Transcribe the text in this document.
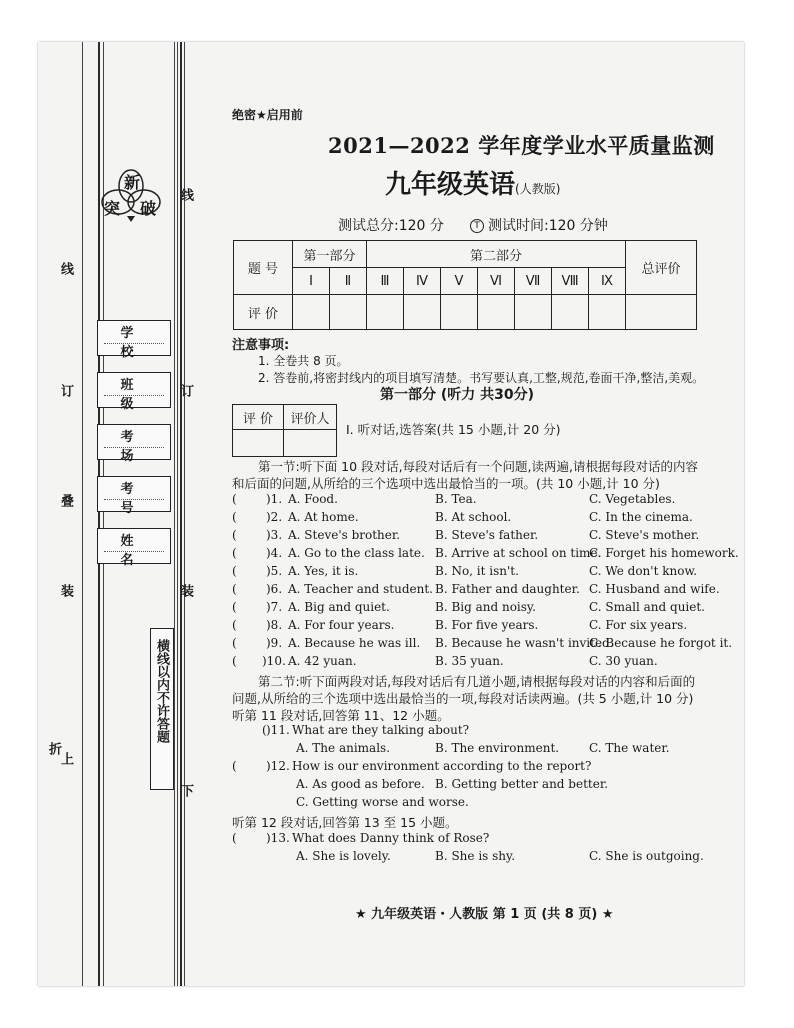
线
线
订	订
装	装
折
上
下
叠
新
突 破
学 校
班 级
考 场
考 号
姓 名
横线以内不许答题
绝密★启用前
2021—2022 学年度学业水平质量监测
九年级英语(人教版)
测试总分:120 分	T 测试时间:120 分钟
题 号	第一部分		第二部分							总评价
	Ⅰ	Ⅱ	Ⅲ	Ⅳ	Ⅴ	Ⅵ	Ⅶ	Ⅷ	Ⅸ	
评 价										
注意事项:
1. 全卷共 8 页。
2. 答卷前,将密封线内的项目填写清楚。书写要认真,工整,规范,卷面干净,整洁,美观。
第一部分 (听力 共30分)
评 价	评价人

Ⅰ. 听对话,选答案(共 15 小题,计 20 分)
第一节:听下面 10 段对话,每段对话后有一个问题,读两遍,请根据每段对话的内容
和后面的问题,从所给的三个选项中选出最恰当的一项。(共 10 小题,计 10 分)
( )1. A. Food.	B. Tea.	C. Vegetables.
( )2. A. At home.	B. At school.	C. In the cinema.
( )3. A. Steve's brother.	B. Steve's father.	C. Steve's mother.
( )4. A. Go to the class late. B. Arrive at school on time.
C. Forget his homework.
( )5. A. Yes, it is.	B. No, it isn't.	C. We don't know.
( )6. A. Teacher and student. B. Father and daughter. C. Husband and wife.
( )7. A. Big and quiet.	B. Big and noisy.	C. Small and quiet.
( )8. A. For four years.	B. For five years.	C. For six years.
( )9. A. Because he was ill. B. Because he wasn't invited.
C. Because he forgot it.
( )10. A. 42 yuan.	B. 35 yuan.	C. 30 yuan.
第二节:听下面两段对话,每段对话后有几道小题,请根据每段对话的内容和后面的
问题,从所给的三个选项中选出最恰当的一项,每段对话读两遍。(共 5 小题,计 10 分)
听第 11 段对话,回答第 11、12 小题。
( )11. What are they talking about?
A. The animals.	B. The environment. C. The water.
( )12. How is our environment according to the report?
A. As good as before. B. Getting better and better.
C. Getting worse and worse.
听第 12 段对话,回答第 13 至 15 小题。
( )13. What does Danny think of Rose?
A. She is lovely.	B. She is shy.	C. She is outgoing.
★ 九年级英语・人教版 第 1 页 (共 8 页) ★
